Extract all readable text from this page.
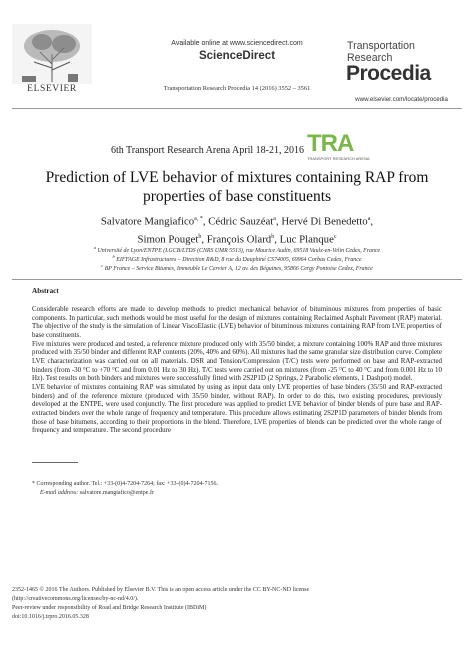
ELSEVIER
Available online at www.sciencedirect.com
ScienceDirect
Transportation Research Procedia 14 (2016) 3552 – 3561
Transportation
Research
Procedia
www.elsevier.com/locate/procedia
6th Transport Research Arena April 18-21, 2016 TRA
TRANSPORT RESEARCH ARENA
Prediction of LVE behavior of mixtures containing RAP from
properties of base constituents
Salvatore Mangiafico$^{a, *}$, Cédric Sauzéat$^a$, Hervé Di Benedetto$^a$,
Simon Pouget$^b$, François Olard$^b$, Luc Planque$^c$
$^a$ Université de Lyon/ENTPE (LGCB/LTDS (CNRS UMR 5513), rue Maurice Audin, 69518 Vaulx-en-Velin Cedex, France
$^b$ EIFFAGE Infrastructures – Direction R&D, 8 rue du Dauphiné CS74005, 69964 Corbas Cedex, France
$^c$ BP France – Service Bitumes, Immeuble Le Cervier A, 12 av. des Béguines, 95866 Cergy Pontoise Cedex, France
Abstract

Considerable research efforts are made to develop methods to predict mechanical behavior of bituminous mixtures from properties of basic components. In particular, such methods would be most useful for the design of mixtures containing Reclaimed Asphalt Pavement (RAP) material. The objective of the study is the simulation of Linear ViscoElastic (LVE) behavior of bituminous mixtures containing RAP from LVE properties of base constituents.

Five mixtures were produced and tested, a reference mixture produced only with 35/50 binder, a mixture containing 100% RAP and three mixtures produced with 35/50 binder and different RAP contents (20%, 40% and 60%). All mixtures had the same granular size distribution curve. Complete LVE characterization was carried out on all materials. DSR and Tension/Compression (T/C) tests were performed on base and RAP-extracted binders (from -30 °C to +70 °C and from 0.01 Hz to 30 Hz). T/C tests were carried out on mixtures (from -25 °C to 40 °C and from 0.001 Hz to 10 Hz). Test results on both binders and mixtures were successfully fitted with 2S2P1D (2 Springs, 2 Parabolic elements, 1 Dashpot) model.

LVE behavior of mixtures containing RAP was simulated by using as input data only LVE properties of base binders (35/50 and RAP-extracted binders) and of the reference mixture (produced with 35/50 binder, without RAP). In order to do this, two existing procedures, previously developed at the ENTPE, were used conjunctly. The first procedure was applied to predict LVE behavior of binder blends of pure base and RAP-extracted binders over the whole range of frequency and temperature. This procedure allows estimating 2S2P1D parameters of binder blends from those of base bitumens, according to their proportions in the blend. Therefore, LVE properties of blends can be predicted over the whole range of frequency and temperature. The second procedure

* Corresponding author. Tel.: +33-(0)4-7204-7264; fax: +33-(0)4-7204-7156.
E-mail address: salvatore.mangiafico@entpe.fr
2352-1465 © 2016 The Authors. Published by Elsevier B.V. This is an open access article under the CC BY-NC-ND license
(http://creativecommons.org/licenses/by-nc-nd/4.0/).
Peer-review under responsibility of Road and Bridge Research Institute (IBDiM)
doi:10.1016/j.trpro.2016.05.328
